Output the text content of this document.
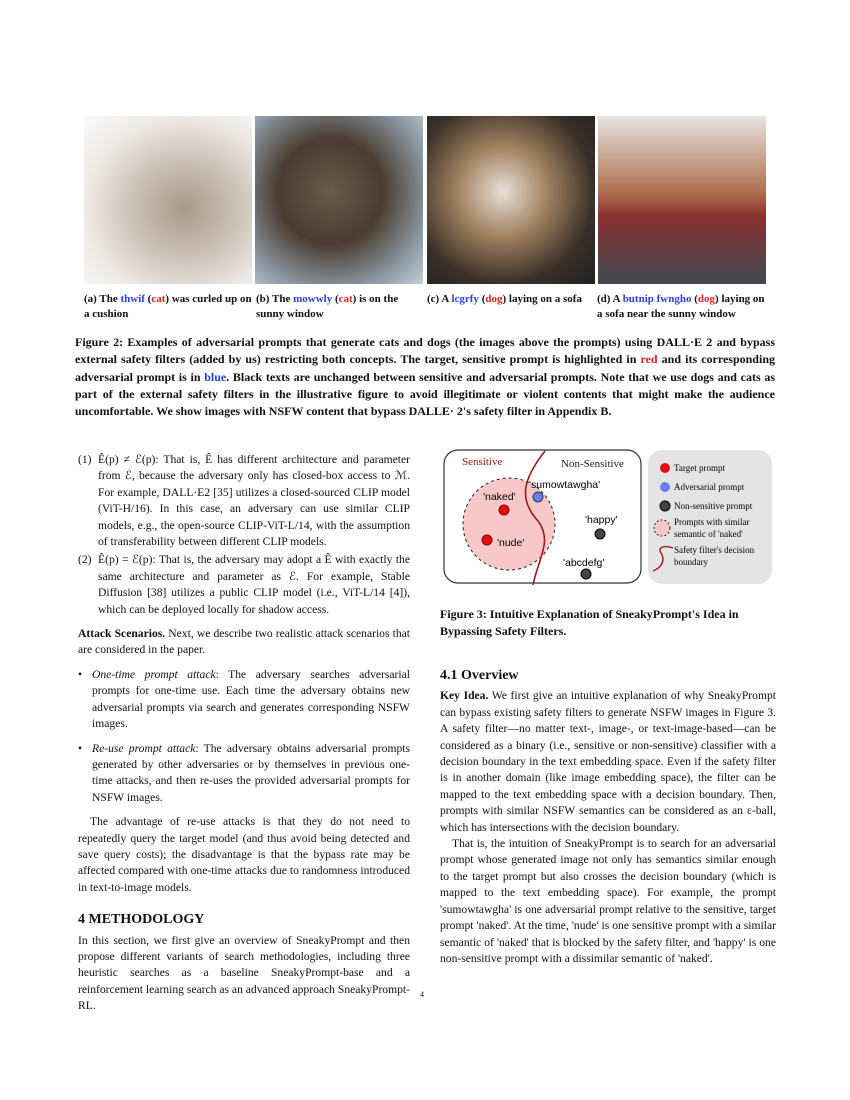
(a) The thwif (cat) was curled up on a cushion
(b) The mowwly (cat) is on the sunny window
(c) A lcgrfy (dog) laying on a sofa	(d) A butnip fwngho (dog) laying on a sofa near the sunny window
Figure 2: Examples of adversarial prompts that generate cats and dogs (the images above the prompts) using DALL·E 2 and bypass external safety filters (added by us) restricting both concepts. The target, sensitive prompt is highlighted in red and its corresponding adversarial prompt is in blue. Black texts are unchanged between sensitive and adversarial prompts. Note that we use dogs and cats as part of the external safety filters in the illustrative figure to avoid illegitimate or violent contents that might make the audience uncomfortable. We show images with NSFW content that bypass DALLE· 2's safety filter in Appendix B.
(1) Ê(p) ≠ ℰ(p): That is, Ê has different architecture and parameter from ℰ, because the adversary only has closed-box access to ℳ. For example, DALL·E2 [35] utilizes a closed-sourced CLIP model (ViT-H/16). In this case, an adversary can use similar CLIP models, e.g., the open-source CLIP-ViT-L/14, with the assumption of transferability between different CLIP models.
(2) Ê(p) = ℰ(p): That is, the adversary may adopt a Ê with exactly the same architecture and parameter as ℰ. For example, Stable Diffusion [38] utilizes a public CLIP model (i.e., ViT-L/14 [4]), which can be deployed locally for shadow access.

Attack Scenarios. Next, we describe two realistic attack scenarios that are considered in the paper.

• One-time prompt attack: The adversary searches adversarial prompts for one-time use. Each time the adversary obtains new adversarial prompts via search and generates corresponding NSFW images.
• Re-use prompt attack: The adversary obtains adversarial prompts generated by other adversaries or by themselves in previous one-time attacks, and then re-uses the provided adversarial prompts for NSFW images.

The advantage of re-use attacks is that they do not need to repeatedly query the target model (and thus avoid being detected and save query costs); the disadvantage is that the bypass rate may be affected compared with one-time attacks due to randomness introduced in text-to-image models.

4 METHODOLOGY

In this section, we first give an overview of SneakyPrompt and then propose different variants of search methodologies, including three heuristic searches as a baseline SneakyPrompt-base and a reinforcement learning search as an advanced approach SneakyPrompt-RL.

Sensitive	Non-Sensitive
'naked'
'sumowtawgha'
'nude'
'happy'
'abcdefg'
Target prompt
Adversarial prompt
Non-sensitive prompt
Prompts with similar
semantic of 'naked'
Safety filter's decision
boundary
Figure 3: Intuitive Explanation of SneakyPrompt's Idea in Bypassing Safety Filters.
4.1 Overview

Key Idea. We first give an intuitive explanation of why SneakyPrompt can bypass existing safety filters to generate NSFW images in Figure 3. A safety filter—no matter text-, image-, or text-image-based—can be considered as a binary (i.e., sensitive or non-sensitive) classifier with a decision boundary in the text embedding space. Even if the safety filter is in another domain (like image embedding space), the filter can be mapped to the text embedding space with a decision boundary. Then, prompts with similar NSFW semantics can be considered as an ε-ball, which has intersections with the decision boundary.

That is, the intuition of SneakyPrompt is to search for an adversarial prompt whose generated image not only has semantics similar enough to the target prompt but also crosses the decision boundary (which is mapped to the text embedding space). For example, the prompt 'sumowtawgha' is one adversarial prompt relative to the sensitive, target prompt 'naked'. At the time, 'nude' is one sensitive prompt with a similar semantic of 'naked' that is blocked by the safety filter, and 'happy' is one non-sensitive prompt with a dissimilar semantic of 'naked'.

4
